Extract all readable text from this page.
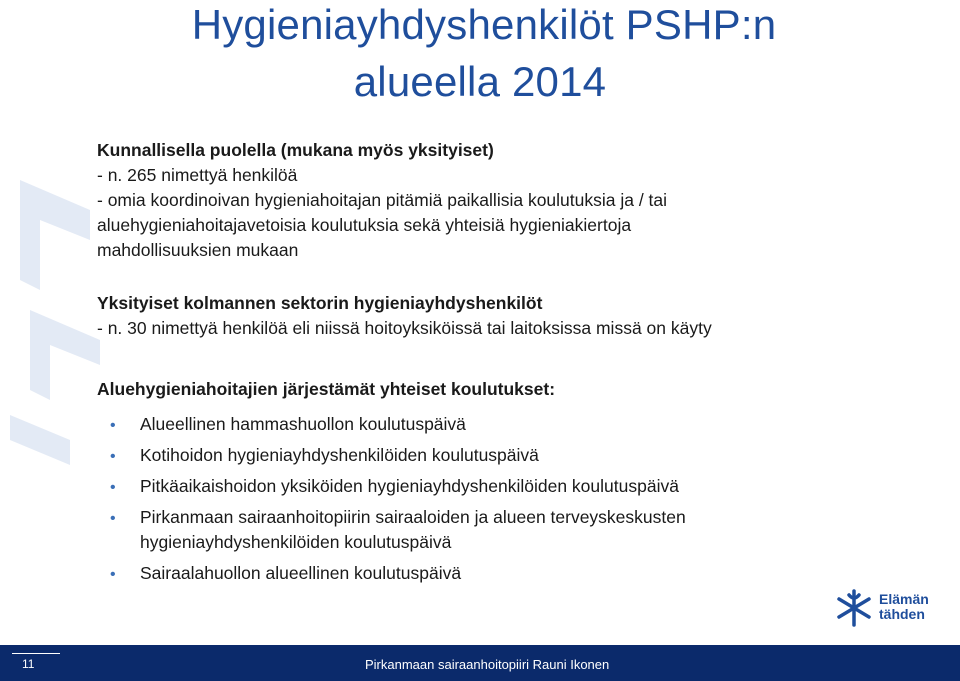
Hygieniayhdyshenkilöt PSHP:n
alueella 2014
Kunnallisella puolella (mukana myös yksityiset)
- n. 265 nimettyä henkilöä
- omia koordinoivan hygieniahoitajan pitämiä paikallisia koulutuksia ja / tai
aluehygieniahoitajavetoisia koulutuksia sekä yhteisiä hygieniakiertoja
mahdollisuuksien mukaan
Yksityiset kolmannen sektorin hygieniayhdyshenkilöt
- n. 30 nimettyä henkilöä eli niissä hoitoyksiköissä tai laitoksissa missä on käyty
Aluehygieniahoitajien järjestämät yhteiset koulutukset:
• Alueellinen hammashuollon koulutuspäivä
• Kotihoidon hygieniayhdyshenkilöiden koulutuspäivä
• Pitkäaikaishoidon yksiköiden hygieniayhdyshenkilöiden koulutuspäivä
• Pirkanmaan sairaanhoitopiirin sairaaloiden ja alueen terveyskeskusten
hygieniayhdyshenkilöiden koulutuspäivä
• Sairaalahuollon alueellinen koulutuspäivä
Elämän
tähden
11	Pirkanmaan sairaanhoitopiiri Rauni Ikonen
